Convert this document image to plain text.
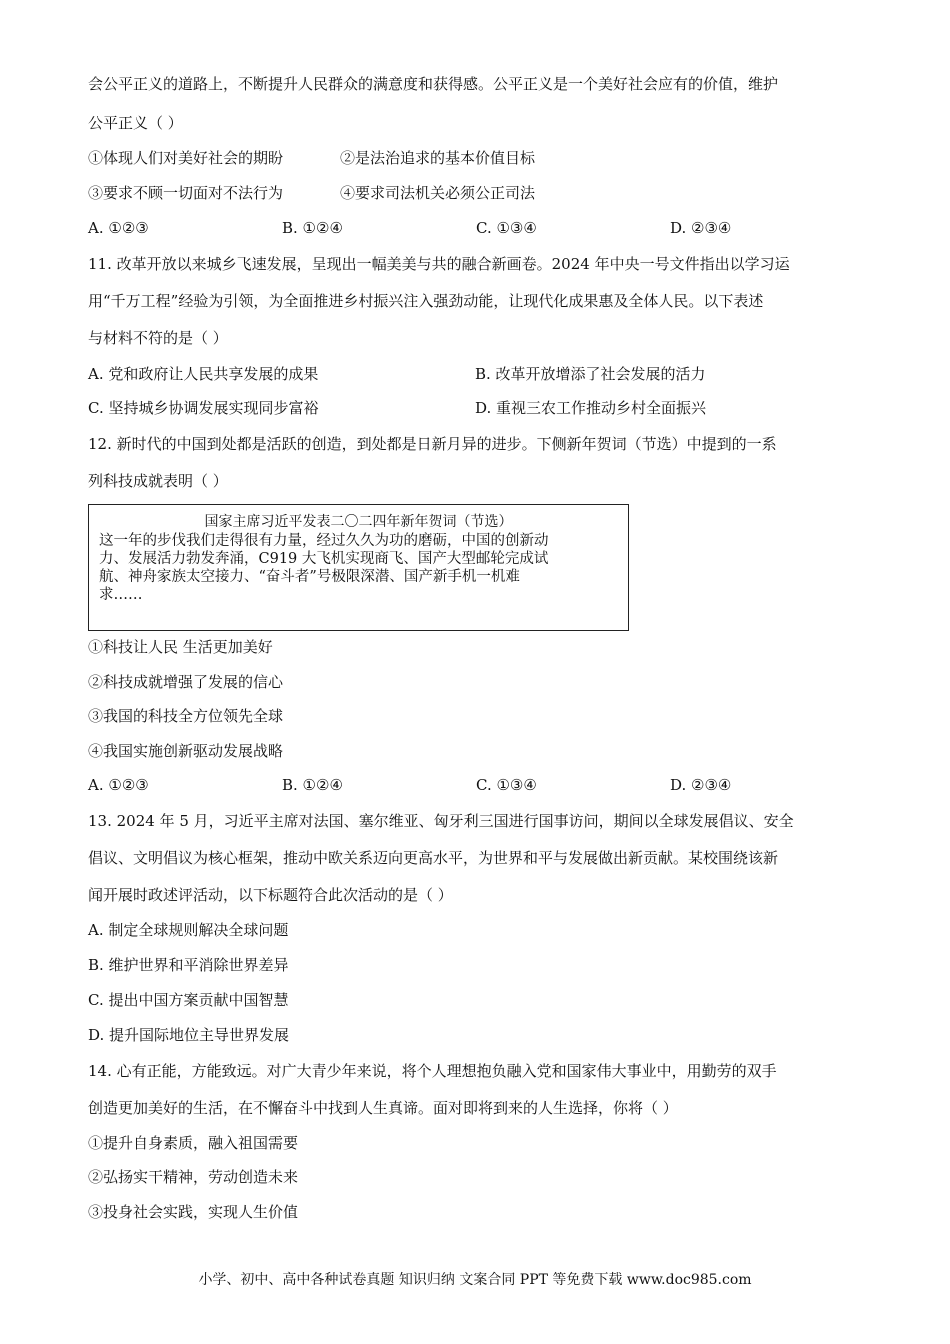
会公平正义的道路上，不断提升人民群众的满意度和获得感。公平正义是一个美好社会应有的价值，维护

公平正义（ ）

①体现人们对美好社会的期盼	②是法治追求的基本价值目标
③要求不顾一切面对不法行为	④要求司法机关必须公正司法
A. ①②③	B. ①②④	C. ①③④	D. ②③④

11. 改革开放以来城乡飞速发展，呈现出一幅美美与共的融合新画卷。2024 年中央一号文件指出以学习运

用“千万工程”经验为引领，为全面推进乡村振兴注入强劲动能，让现代化成果惠及全体人民。以下表述

与材料不符的是（ ）

A. 党和政府让人民共享发展的成果	B. 改革开放增添了社会发展的活力
C. 坚持城乡协调发展实现同步富裕	D. 重视三农工作推动乡村全面振兴

12. 新时代的中国到处都是活跃的创造，到处都是日新月异的进步。下侧新年贺词（节选）中提到的一系

列科技成就表明（ ）

国家主席习近平发表二〇二四年新年贺词（节选）
这一年的步伐我们走得很有力量，经过久久为功的磨砺，中国的创新动
力、发展活力勃发奔涌，C919 大飞机实现商飞、国产大型邮轮完成试
航、神舟家族太空接力、“奋斗者”号极限深潜、国产新手机一机难
求……

①科技让人民 生活更加美好

②科技成就增强了发展的信心

③我国的科技全方位领先全球

④我国实施创新驱动发展战略

A. ①②③	B. ①②④	C. ①③④	D. ②③④

13. 2024 年 5 月，习近平主席对法国、塞尔维亚、匈牙利三国进行国事访问，期间以全球发展倡议、安全

倡议、文明倡议为核心框架，推动中欧关系迈向更高水平，为世界和平与发展做出新贡献。某校围绕该新

闻开展时政述评活动，以下标题符合此次活动的是（ ）

A. 制定全球规则解决全球问题

B. 维护世界和平消除世界差异

C. 提出中国方案贡献中国智慧

D. 提升国际地位主导世界发展

14. 心有正能，方能致远。对广大青少年来说，将个人理想抱负融入党和国家伟大事业中，用勤劳的双手

创造更加美好的生活，在不懈奋斗中找到人生真谛。面对即将到来的人生选择，你将（ ）

①提升自身素质，融入祖国需要

②弘扬实干精神，劳动创造未来

③投身社会实践，实现人生价值

小学、初中、高中各种试卷真题 知识归纳 文案合同 PPT 等免费下载 www.doc985.com
